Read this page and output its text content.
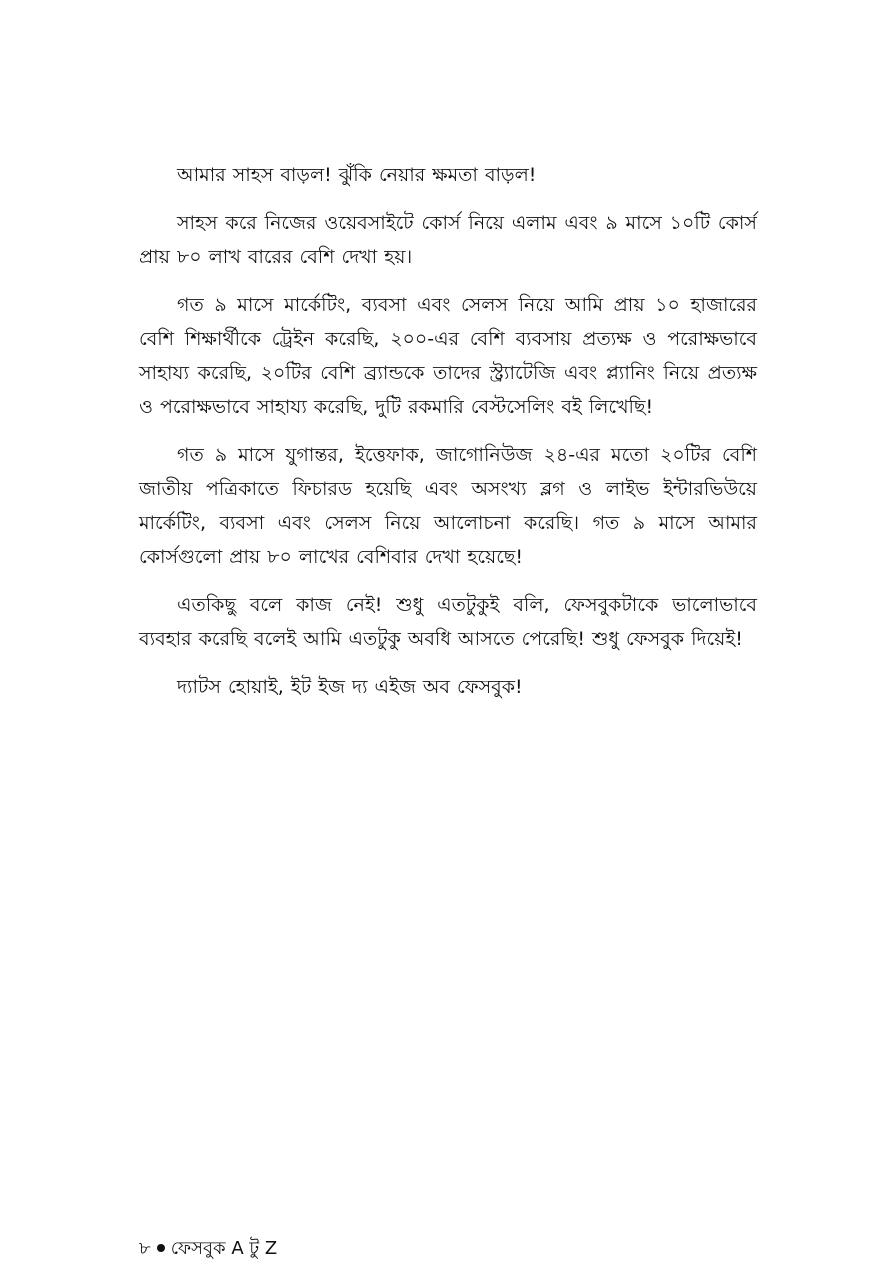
আমার সাহস বাড়ল! ঝুঁকি নেয়ার ক্ষমতা বাড়ল!

সাহস করে নিজের ওয়েবসাইটে কোর্স নিয়ে এলাম এবং ৯ মাসে ১০টি কোর্স প্রায় ৮০ লাখ বারের বেশি দেখা হয়।

গত ৯ মাসে মার্কেটিং, ব্যবসা এবং সেলস নিয়ে আমি প্রায় ১০ হাজারের বেশি শিক্ষার্থীকে ট্রেইন করেছি, ২০০-এর বেশি ব্যবসায় প্রত্যক্ষ ও পরোক্ষভাবে সাহায্য করেছি, ২০টির বেশি ব্র্যান্ডকে তাদের স্ট্র্যাটেজি এবং প্ল্যানিং নিয়ে প্রত্যক্ষ ও পরোক্ষভাবে সাহায্য করেছি, দুটি রকমারি বেস্টসেলিং বই লিখেছি!

গত ৯ মাসে যুগান্তর, ইত্তেফাক, জাগোনিউজ ২৪-এর মতো ২০টির বেশি জাতীয় পত্রিকাতে ফিচারড হয়েছি এবং অসংখ্য ব্লগ ও লাইভ ইন্টারভিউয়ে মার্কেটিং, ব্যবসা এবং সেলস নিয়ে আলোচনা করেছি। গত ৯ মাসে আমার কোর্সগুলো প্রায় ৮০ লাখের বেশিবার দেখা হয়েছে!

এতকিছু বলে কাজ নেই! শুধু এতটুকুই বলি, ফেসবুকটাকে ভালোভাবে ব্যবহার করেছি বলেই আমি এতটুকু অবধি আসতে পেরেছি! শুধু ফেসবুক দিয়েই!

দ্যাটস হোয়াই, ইট ইজ দ্য এইজ অব ফেসবুক!

৮ ফেসবুক A টু Z
